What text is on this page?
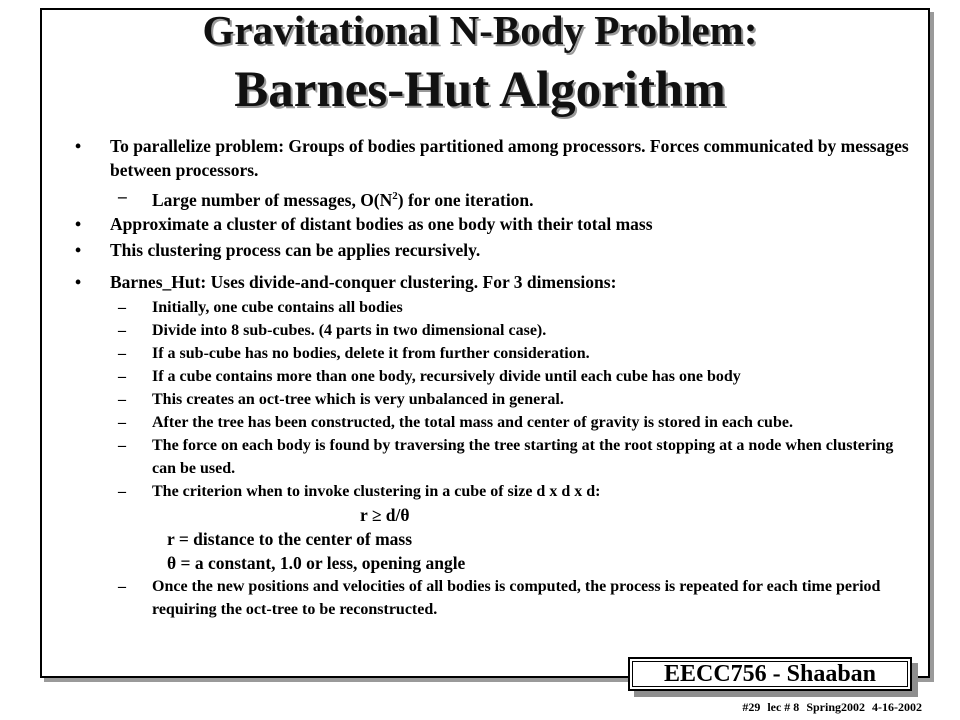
Gravitational N-Body Problem:
Barnes-Hut Algorithm

• To parallelize problem: Groups of bodies partitioned among processors. Forces communicated by messages between processors.

– Large number of messages, $O(N^2)$ for one iteration.

• Approximate a cluster of distant bodies as one body with their total mass

• This clustering process can be applies recursively.

• Barnes_Hut: Uses divide-and-conquer clustering. For 3 dimensions:

– Initially, one cube contains all bodies

– Divide into 8 sub-cubes. (4 parts in two dimensional case).

– If a sub-cube has no bodies, delete it from further consideration.

– If a cube contains more than one body, recursively divide until each cube has one body

– This creates an oct-tree which is very unbalanced in general.

– After the tree has been constructed, the total mass and center of gravity is stored in each cube.

– The force on each body is found by traversing the tree starting at the root stopping at a node when clustering can be used.

– The criterion when to invoke clustering in a cube of size d x d x d:

r ≥ d/θ

r = distance to the center of mass

θ = a constant, 1.0 or less, opening angle

– Once the new positions and velocities of all bodies is computed, the process is repeated for each time period requiring the oct-tree to be reconstructed.

EECC756 - Shaaban
#29 lec # 8 Spring2002 4-16-2002
